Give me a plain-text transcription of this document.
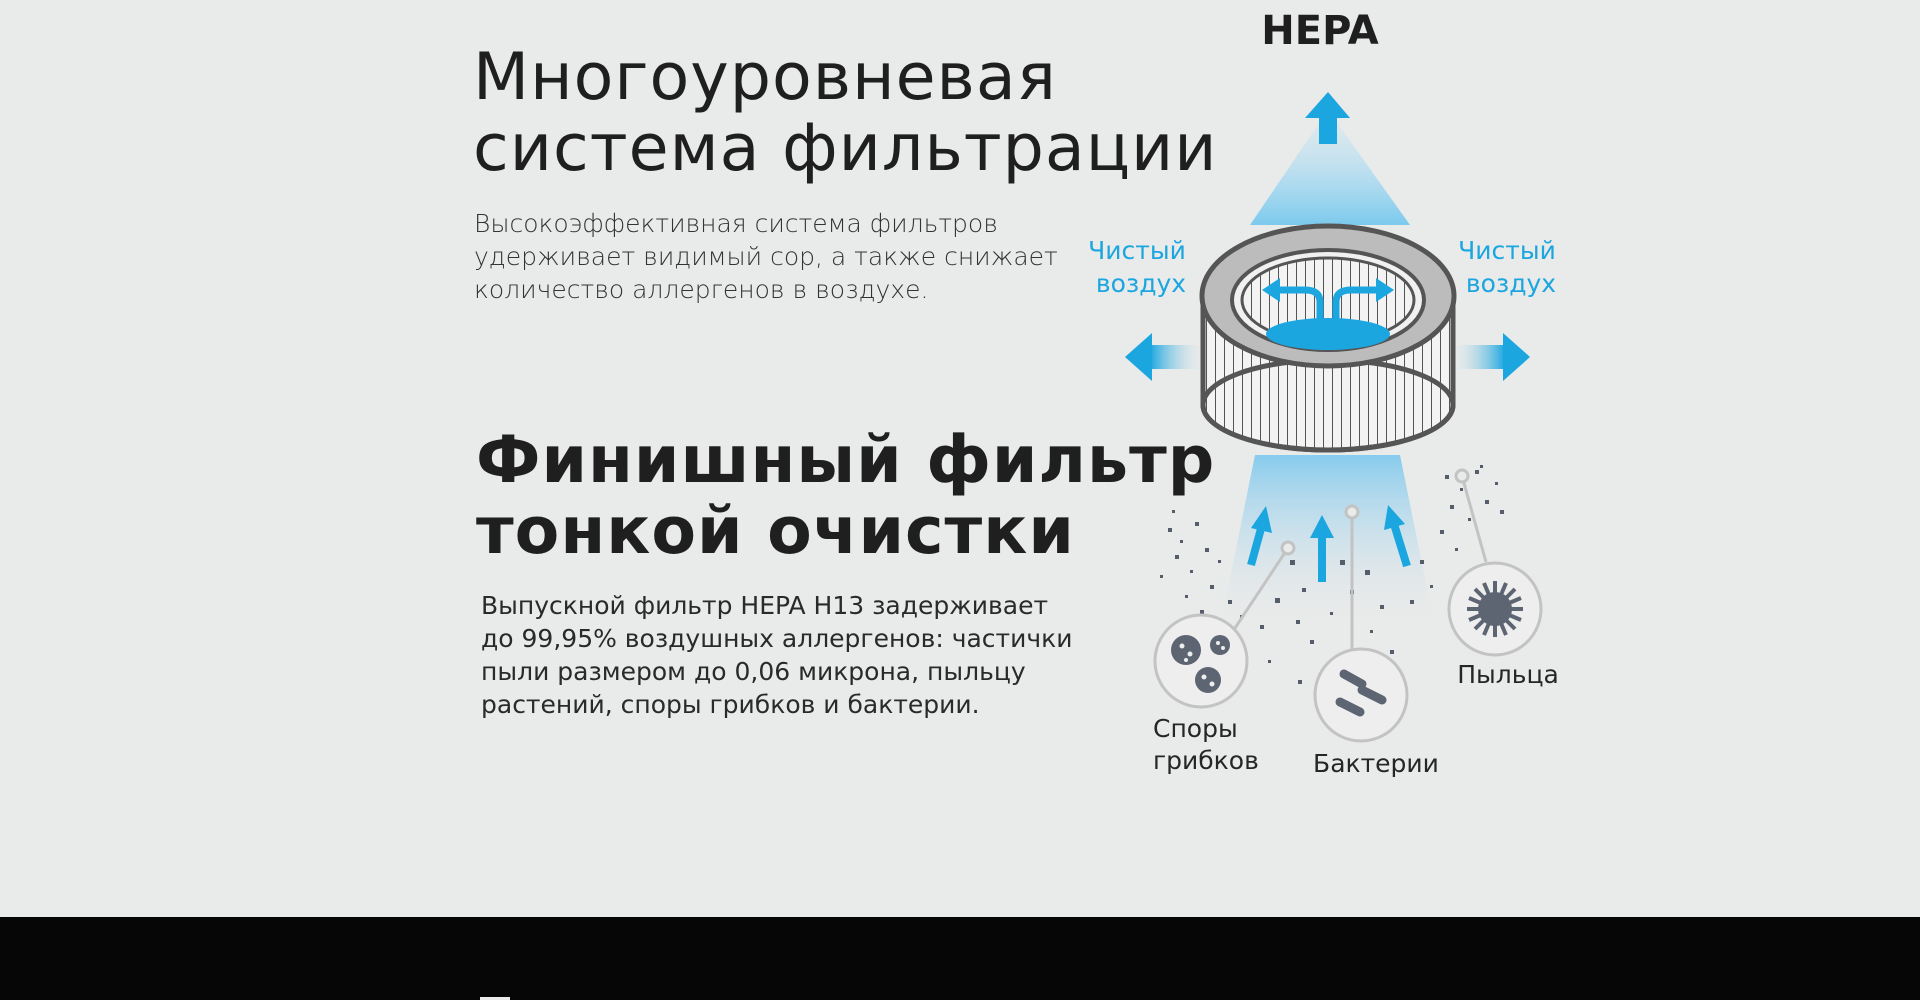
Многоуровневая
система фильтрации

Высокоэффективная система фильтров
удерживает видимый сор, а также снижает
количество аллергенов в воздухе.

Финишный фильтр
тонкой очистки

Выпускной фильтр HEPA H13 задерживает
до 99,95% воздушных аллергенов: частички
пыли размером до 0,06 микрона, пыльцу
растений, споры грибков и бактерии.

HEPA
Чистый воздух
Чистый воздух
Споры грибков Бактерии
Пыльца
